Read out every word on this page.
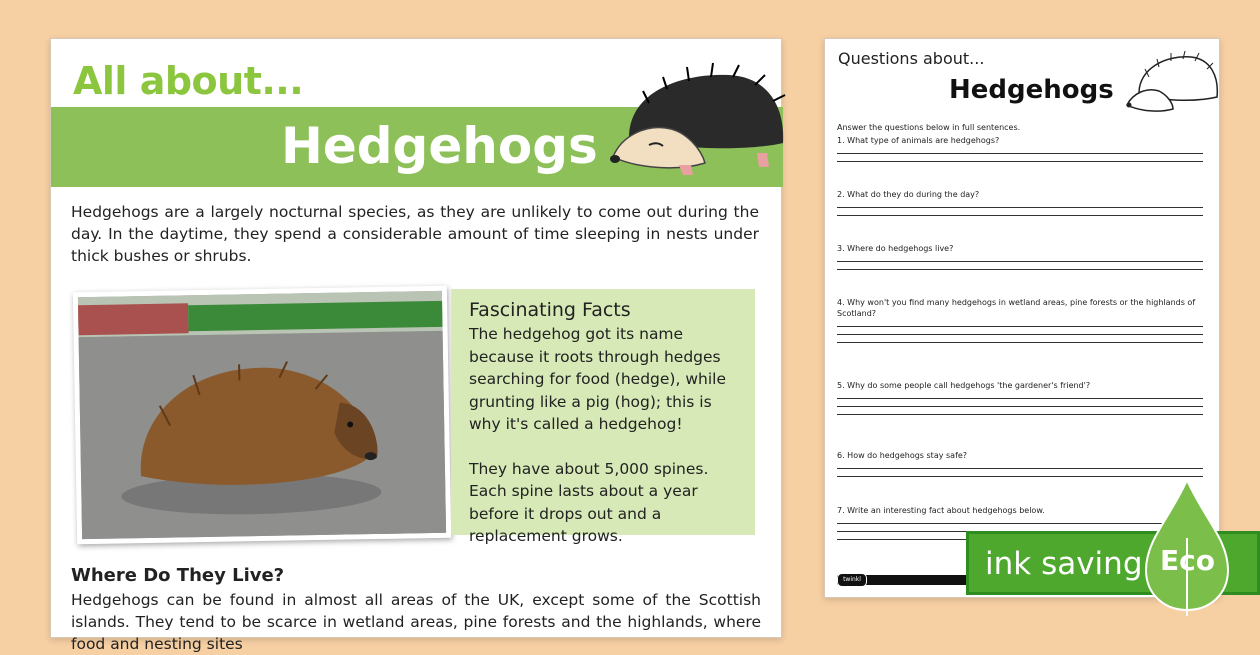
All about...
Hedgehogs
Hedgehogs are a largely nocturnal species, as they are unlikely to come out during the day. In the daytime, they spend a considerable amount of time sleeping in nests under thick bushes or shrubs.
Fascinating Facts

The hedgehog got its name because it roots through hedges searching for food (hedge), while grunting like a pig (hog); this is why it's called a hedgehog!

They have about 5,000 spines. Each spine lasts about a year before it drops out and a replacement grows.

Where Do They Live?
Hedgehogs can be found in almost all areas of the UK, except some of the Scottish islands. They tend to be scarce in wetland areas, pine forests and the highlands, where food and nesting sites
Questions about...
Hedgehogs
Answer the questions below in full sentences.
1. What type of animals are hedgehogs?
2. What do they do during the day?
3. Where do hedgehogs live?
4. Why won't you find many hedgehogs in wetland areas, pine forests or the highlands of Scotland?
5. Why do some people call hedgehogs 'the gardener's friend'?
6. How do hedgehogs stay safe?
7. Write an interesting fact about hedgehogs below.
twinkl	ink saving Eco
